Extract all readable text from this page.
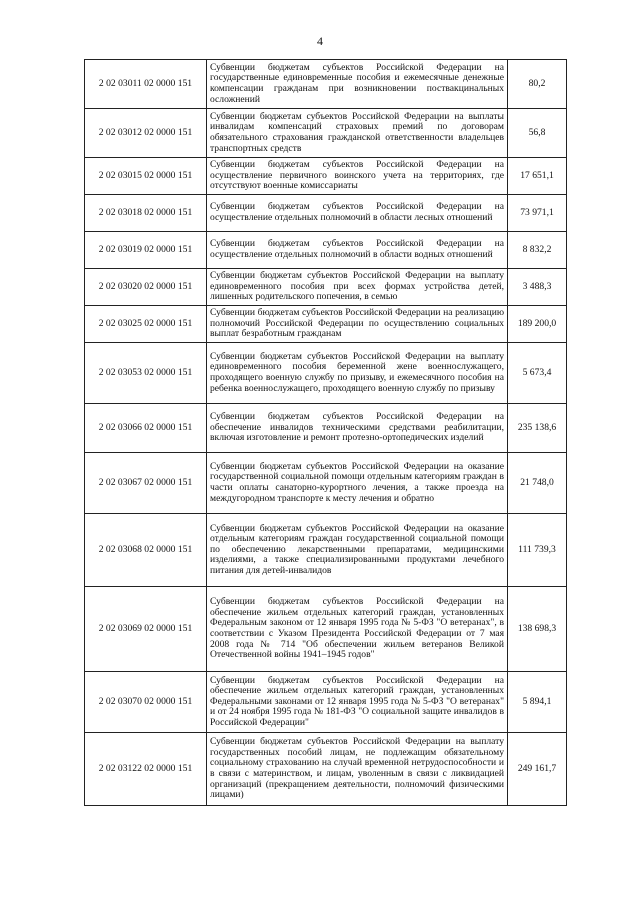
4
2 02 03011 02 0000 151	Субвенции бюджетам субъектов Российской Федерации на государственные единовременные пособия и ежемесячные денежные компенсации гражданам при возникновении поствакцинальных осложнений	80,2
2 02 03012 02 0000 151	Субвенции бюджетам субъектов Российской Федерации на выплаты инвалидам компенсаций страховых премий по договорам обязательного страхования гражданской ответственности владельцев транспортных средств	56,8
2 02 03015 02 0000 151	Субвенции бюджетам субъектов Российской Федерации на осуществление первичного воинского учета на территориях, где отсутствуют военные комиссариаты	17 651,1
2 02 03018 02 0000 151	Субвенции бюджетам субъектов Российской Федерации на осуществление отдельных полномочий в области лесных отношений	73 971,1
2 02 03019 02 0000 151	Субвенции бюджетам субъектов Российской Федерации на осуществление отдельных полномочий в области водных отношений	8 832,2
2 02 03020 02 0000 151	Субвенции бюджетам субъектов Российской Федерации на выплату единовременного пособия при всех формах устройства детей, лишенных родительского попечения, в семью	3 488,3
2 02 03025 02 0000 151	Субвенции бюджетам субъектов Российской Федерации на реализацию полномочий Российской Федерации по осуществлению социальных выплат безработным гражданам	189 200,0
2 02 03053 02 0000 151	Субвенции бюджетам субъектов Российской Федерации на выплату единовременного пособия беременной жене военнослужащего, проходящего военную службу по призыву, и ежемесячного пособия на ребенка военнослужащего, проходящего военную службу по призыву	5 673,4
2 02 03066 02 0000 151	Субвенции бюджетам субъектов Российской Федерации на обеспечение инвалидов техническими средствами реабилитации, включая изготовление и ремонт протезно-ортопедических изделий	235 138,6
2 02 03067 02 0000 151	Субвенции бюджетам субъектов Российской Федерации на оказание государственной социальной помощи отдельным категориям граждан в части оплаты санаторно-курортного лечения, а также проезда на междугородном транспорте к месту лечения и обратно	21 748,0
2 02 03068 02 0000 151	Субвенции бюджетам субъектов Российской Федерации на оказание отдельным категориям граждан государственной социальной помощи по обеспечению лекарственными препаратами, медицинскими изделиями, а также специализированными продуктами лечебного питания для детей-инвалидов	111 739,3
2 02 03069 02 0000 151	Субвенции бюджетам субъектов Российской Федерации на обеспечение жильем отдельных категорий граждан, установленных Федеральным законом от 12 января 1995 года № 5-ФЗ "О ветеранах", в соответствии с Указом Президента Российской Федерации от 7 мая 2008 года № 714 "Об обеспечении жильем ветеранов Великой Отечественной войны 1941–1945 годов"	138 698,3
2 02 03070 02 0000 151	Субвенции бюджетам субъектов Российской Федерации на обеспечение жильем отдельных категорий граждан, установленных Федеральными законами от 12 января 1995 года № 5-ФЗ "О ветеранах" и от 24 ноября 1995 года № 181-ФЗ "О социальной защите инвалидов в Российской Федерации"	5 894,1
2 02 03122 02 0000 151	Субвенции бюджетам субъектов Российской Федерации на выплату государственных пособий лицам, не подлежащим обязательному социальному страхованию на случай временной нетрудоспособности и в связи с материнством, и лицам, уволенным в связи с ликвидацией организаций (прекращением деятельности, полномочий физическими лицами)	249 161,7
